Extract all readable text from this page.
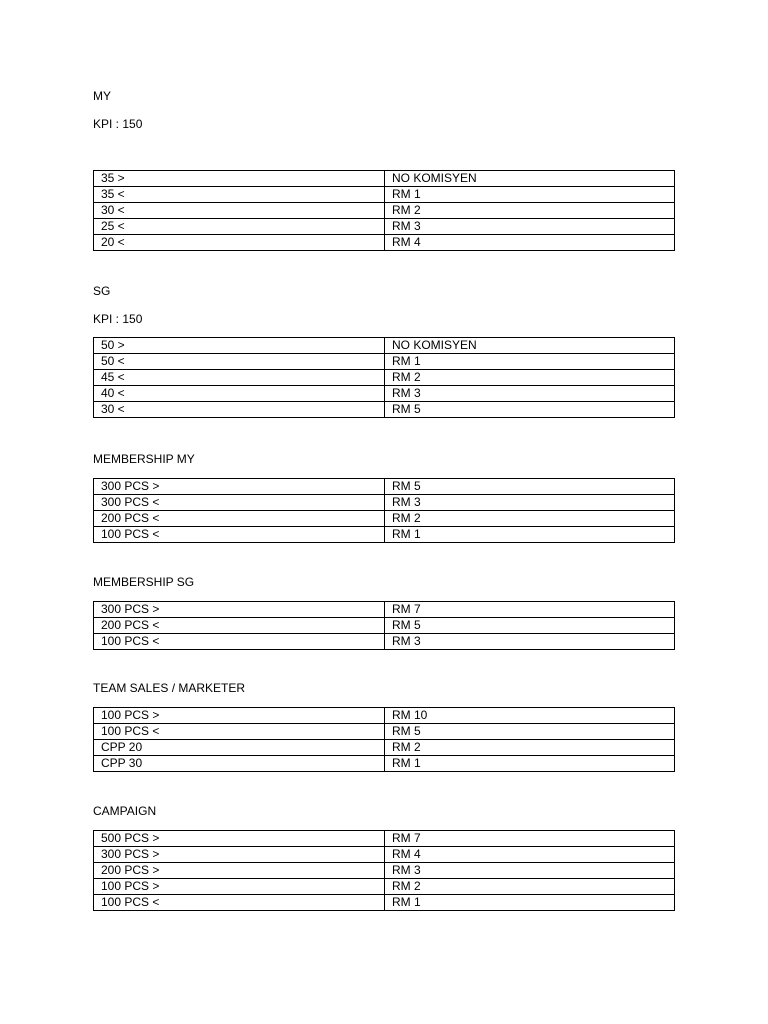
MY
KPI : 150
35 >	NO KOMISYEN
35 <	RM 1
30 <	RM 2
25 <	RM 3
20 <	RM 4
SG
KPI : 150
50 >	NO KOMISYEN
50 <	RM 1
45 <	RM 2
40 <	RM 3
30 <	RM 5
MEMBERSHIP MY
300 PCS >	RM 5
300 PCS <	RM 3
200 PCS <	RM 2
100 PCS <	RM 1
MEMBERSHIP SG
300 PCS >	RM 7
200 PCS <	RM 5
100 PCS <	RM 3
TEAM SALES / MARKETER
100 PCS >	RM 10
100 PCS <	RM 5
CPP 20	RM 2
CPP 30	RM 1
CAMPAIGN
500 PCS >	RM 7
300 PCS >	RM 4
200 PCS >	RM 3
100 PCS >	RM 2
100 PCS <	RM 1
